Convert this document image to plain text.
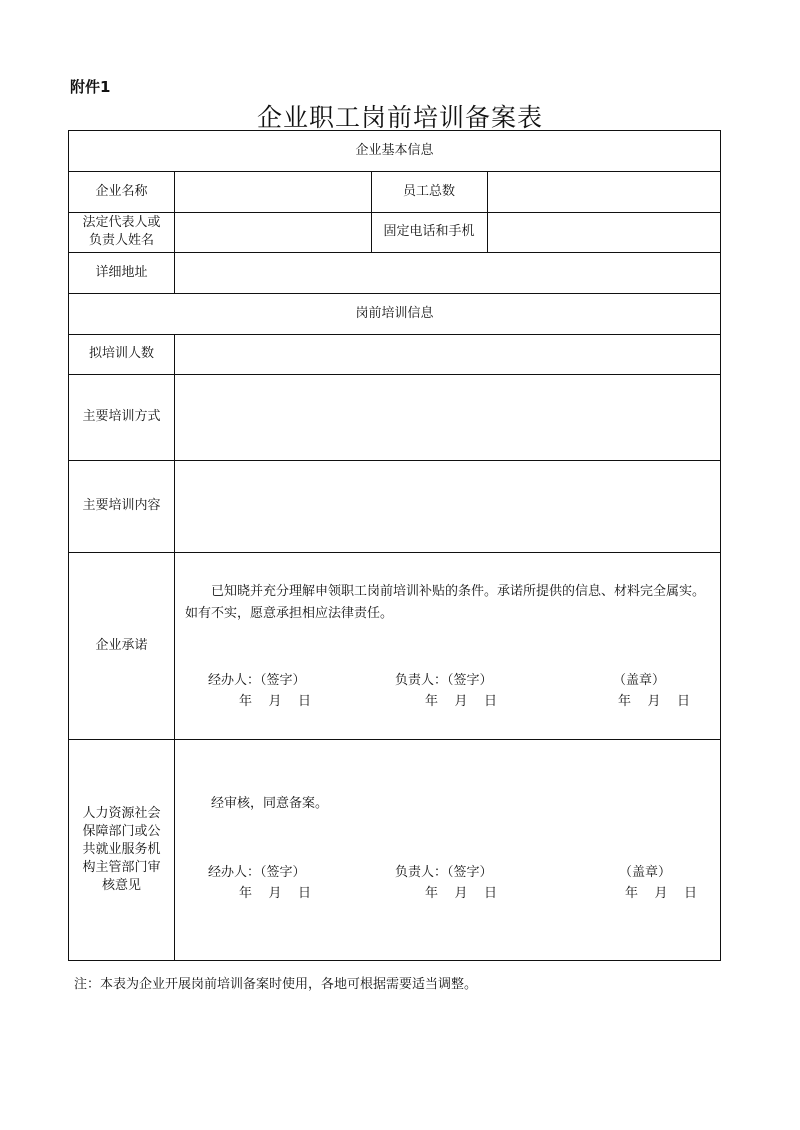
附件1
企业职工岗前培训备案表
企业基本信息
岗前培训信息
企业名称	员工总数
法定代表人或
负责人姓名
固定电话和手机
详细地址
拟培训人数
主要培训方式
主要培训内容
企业承诺
已知晓并充分理解申领职工岗前培训补贴的条件。承诺所提供的信息、材料完全属实。如有不实，愿意承担相应法律责任。
经办人：（签字）
年    月    日
负责人：（签字）
年    月    日
（盖章）
年    月    日
人力资源社会
保障部门或公
共就业服务机
构主管部门审
核意见
经审核，同意备案。
经办人：（签字）
年    月    日
负责人：（签字）
年    月    日
（盖章）
年    月    日
注：本表为企业开展岗前培训备案时使用，各地可根据需要适当调整。
